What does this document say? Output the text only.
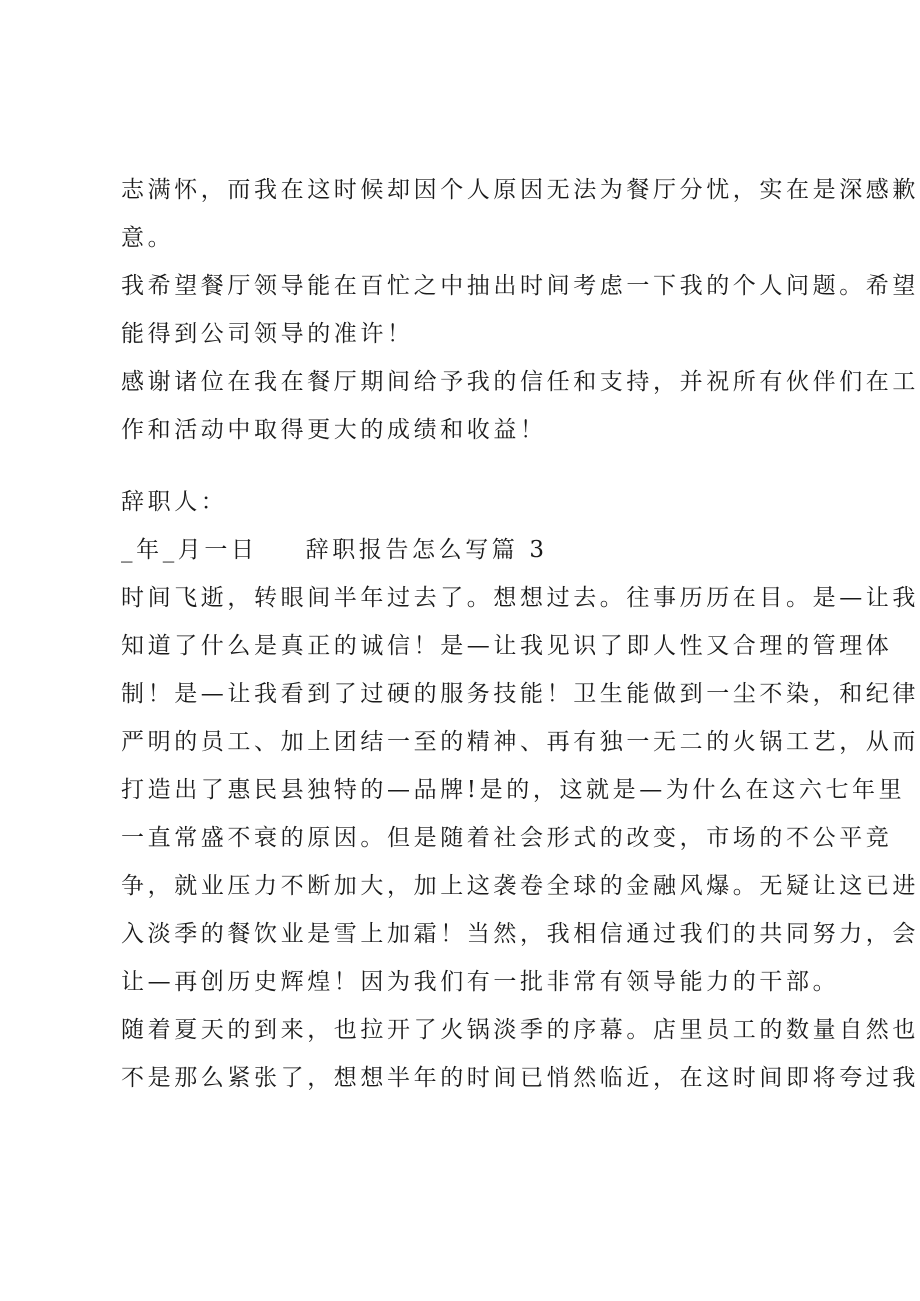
志满怀，而我在这时候却因个人原因无法为餐厅分忧，实在是深感歉
意。
我希望餐厅领导能在百忙之中抽出时间考虑一下我的个人问题。希望
能得到公司领导的准许！
感谢诸位在我在餐厅期间给予我的信任和支持，并祝所有伙伴们在工
作和活动中取得更大的成绩和收益！
辞职人：
_年_月一日 辞职报告怎么写篇 3
时间飞逝，转眼间半年过去了。想想过去。往事历历在目。是—让我
知道了什么是真正的诚信！是—让我见识了即人性又合理的管理体
制！是—让我看到了过硬的服务技能！卫生能做到一尘不染，和纪律
严明的员工、加上团结一至的精神、再有独一无二的火锅工艺，从而
打造出了惠民县独特的—品牌!是的，这就是—为什么在这六七年里
一直常盛不衰的原因。但是随着社会形式的改变，市场的不公平竞
争，就业压力不断加大，加上这袭卷全球的金融风爆。无疑让这已进
入淡季的餐饮业是雪上加霜！当然，我相信通过我们的共同努力，会
让—再创历史辉煌！因为我们有一批非常有领导能力的干部。
随着夏天的到来，也拉开了火锅淡季的序幕。店里员工的数量自然也
不是那么紧张了，想想半年的时间已悄然临近，在这时间即将夸过我
